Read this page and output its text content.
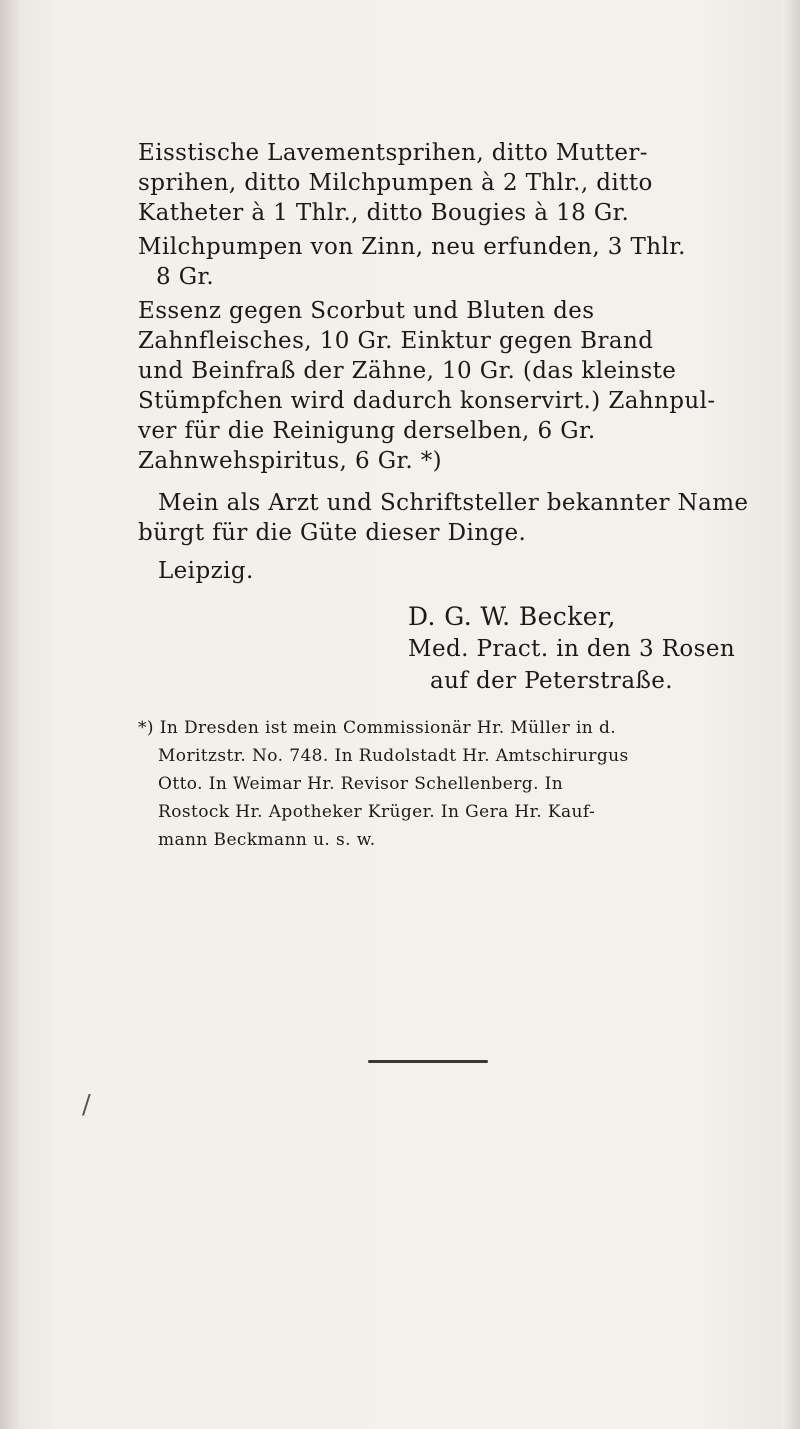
Eisstische Lavementsprihen, ditto Mutter-
sprihen, ditto Milchpumpen à 2 Thlr., ditto
Katheter à 1 Thlr., ditto Bougies à 18 Gr.
Milchpumpen von Zinn, neu erfunden, 3 Thlr.
8 Gr.
Essenz gegen Scorbut und Bluten des
Zahnfleisches, 10 Gr. Einktur gegen Brand
und Beinfraß der Zähne, 10 Gr. (das kleinste
Stümpfchen wird dadurch konservirt.) Zahnpul-
ver für die Reinigung derselben, 6 Gr.
Zahnwehspiritus, 6 Gr. *)
Mein als Arzt und Schriftsteller bekannter Name
bürgt für die Güte dieser Dinge.
Leipzig.
D. G. W. Becker,
Med. Pract. in den 3 Rosen
auf der Peterstraße.
*) In Dresden ist mein Commissionär Hr. Müller in d.
Moritzstr. No. 748. In Rudolstadt Hr. Amtschirurgus
Otto. In Weimar Hr. Revisor Schellenberg. In
Rostock Hr. Apotheker Krüger. In Gera Hr. Kauf-
mann Beckmann u. s. w.
/
